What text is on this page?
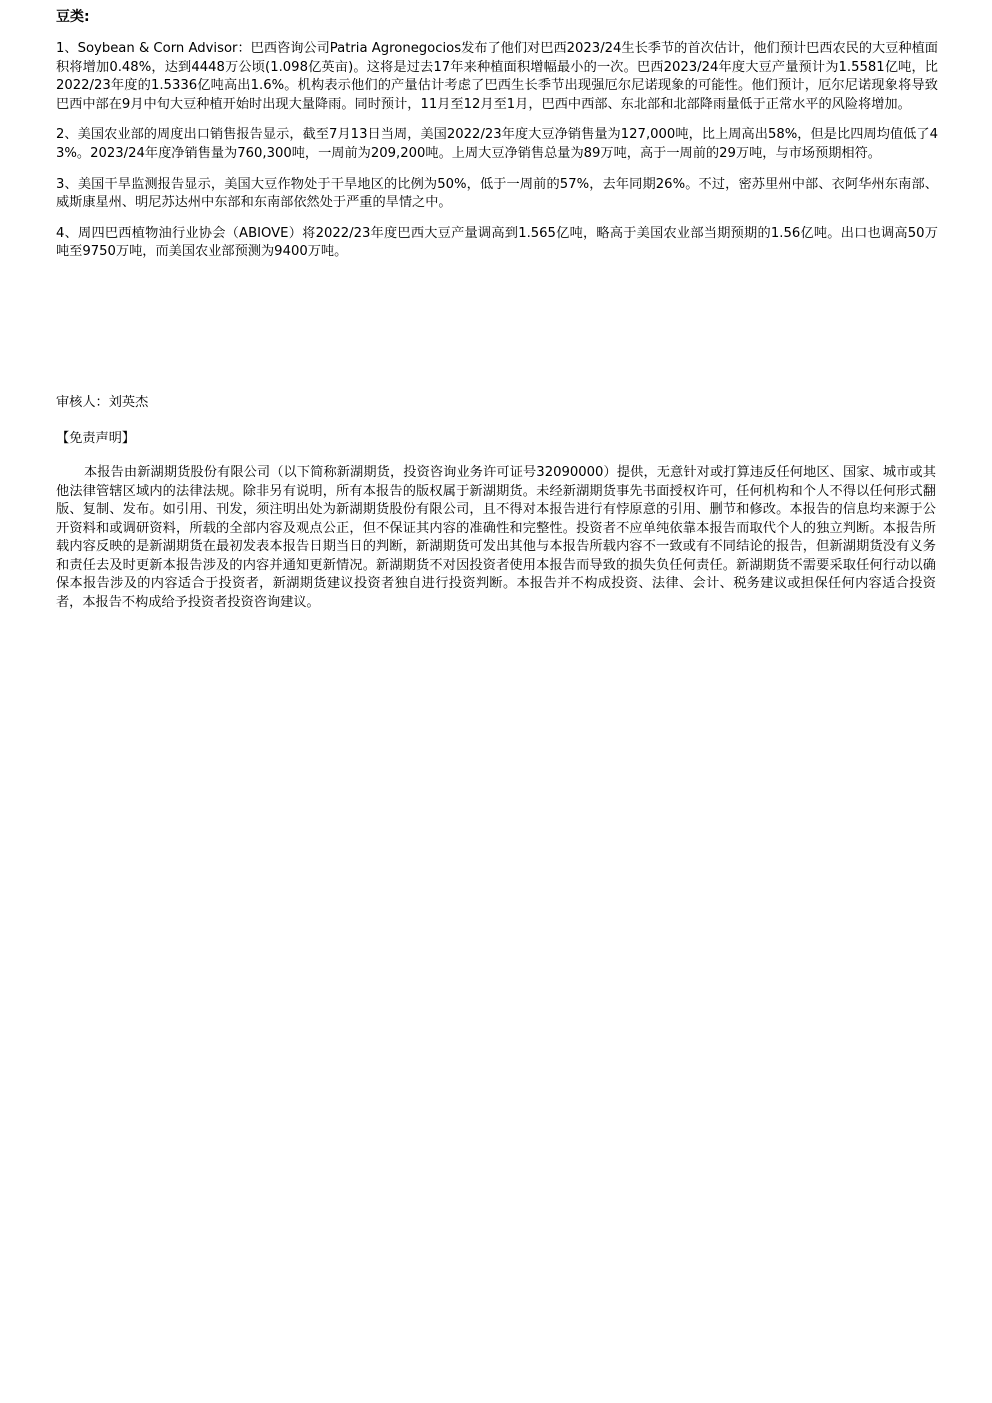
豆类:

1、Soybean & Corn Advisor：巴西咨询公司Patria Agronegocios发布了他们对巴西2023/24生长季节的首次估计，他们预计巴西农民的大豆种植面积将增加0.48%，达到4448万公顷(1.098亿英亩)。这将是过去17年来种植面积增幅最小的一次。巴西2023/24年度大豆产量预计为1.5581亿吨，比2022/23年度的1.5336亿吨高出1.6%。机构表示他们的产量估计考虑了巴西生长季节出现强厄尔尼诺现象的可能性。他们预计，厄尔尼诺现象将导致巴西中部在9月中旬大豆种植开始时出现大量降雨。同时预计，11月至12月至1月，巴西中西部、东北部和北部降雨量低于正常水平的风险将增加。

2、美国农业部的周度出口销售报告显示，截至7月13日当周，美国2022/23年度大豆净销售量为127,000吨，比上周高出58%，但是比四周均值低了43%。2023/24年度净销售量为760,300吨，一周前为209,200吨。上周大豆净销售总量为89万吨，高于一周前的29万吨，与市场预期相符。

3、美国干旱监测报告显示，美国大豆作物处于干旱地区的比例为50%，低于一周前的57%，去年同期26%。不过，密苏里州中部、衣阿华州东南部、威斯康星州、明尼苏达州中东部和东南部依然处于严重的旱情之中。

4、周四巴西植物油行业协会（ABIOVE）将2022/23年度巴西大豆产量调高到1.565亿吨，略高于美国农业部当期预期的1.56亿吨。出口也调高50万吨至9750万吨，而美国农业部预测为9400万吨。

审核人：刘英杰
【免责声明】
本报告由新湖期货股份有限公司（以下简称新湖期货，投资咨询业务许可证号32090000）提供，无意针对或打算违反任何地区、国家、城市或其他法律管辖区域内的法律法规。除非另有说明，所有本报告的版权属于新湖期货。未经新湖期货事先书面授权许可，任何机构和个人不得以任何形式翻版、复制、发布。如引用、刊发，须注明出处为新湖期货股份有限公司，且不得对本报告进行有悖原意的引用、删节和修改。本报告的信息均来源于公开资料和或调研资料，所载的全部内容及观点公正，但不保证其内容的准确性和完整性。投资者不应单纯依靠本报告而取代个人的独立判断。本报告所载内容反映的是新湖期货在最初发表本报告日期当日的判断，新湖期货可发出其他与本报告所载内容不一致或有不同结论的报告，但新湖期货没有义务和责任去及时更新本报告涉及的内容并通知更新情况。新湖期货不对因投资者使用本报告而导致的损失负任何责任。新湖期货不需要采取任何行动以确保本报告涉及的内容适合于投资者，新湖期货建议投资者独自进行投资判断。本报告并不构成投资、法律、会计、税务建议或担保任何内容适合投资者，本报告不构成给予投资者投资咨询建议。
